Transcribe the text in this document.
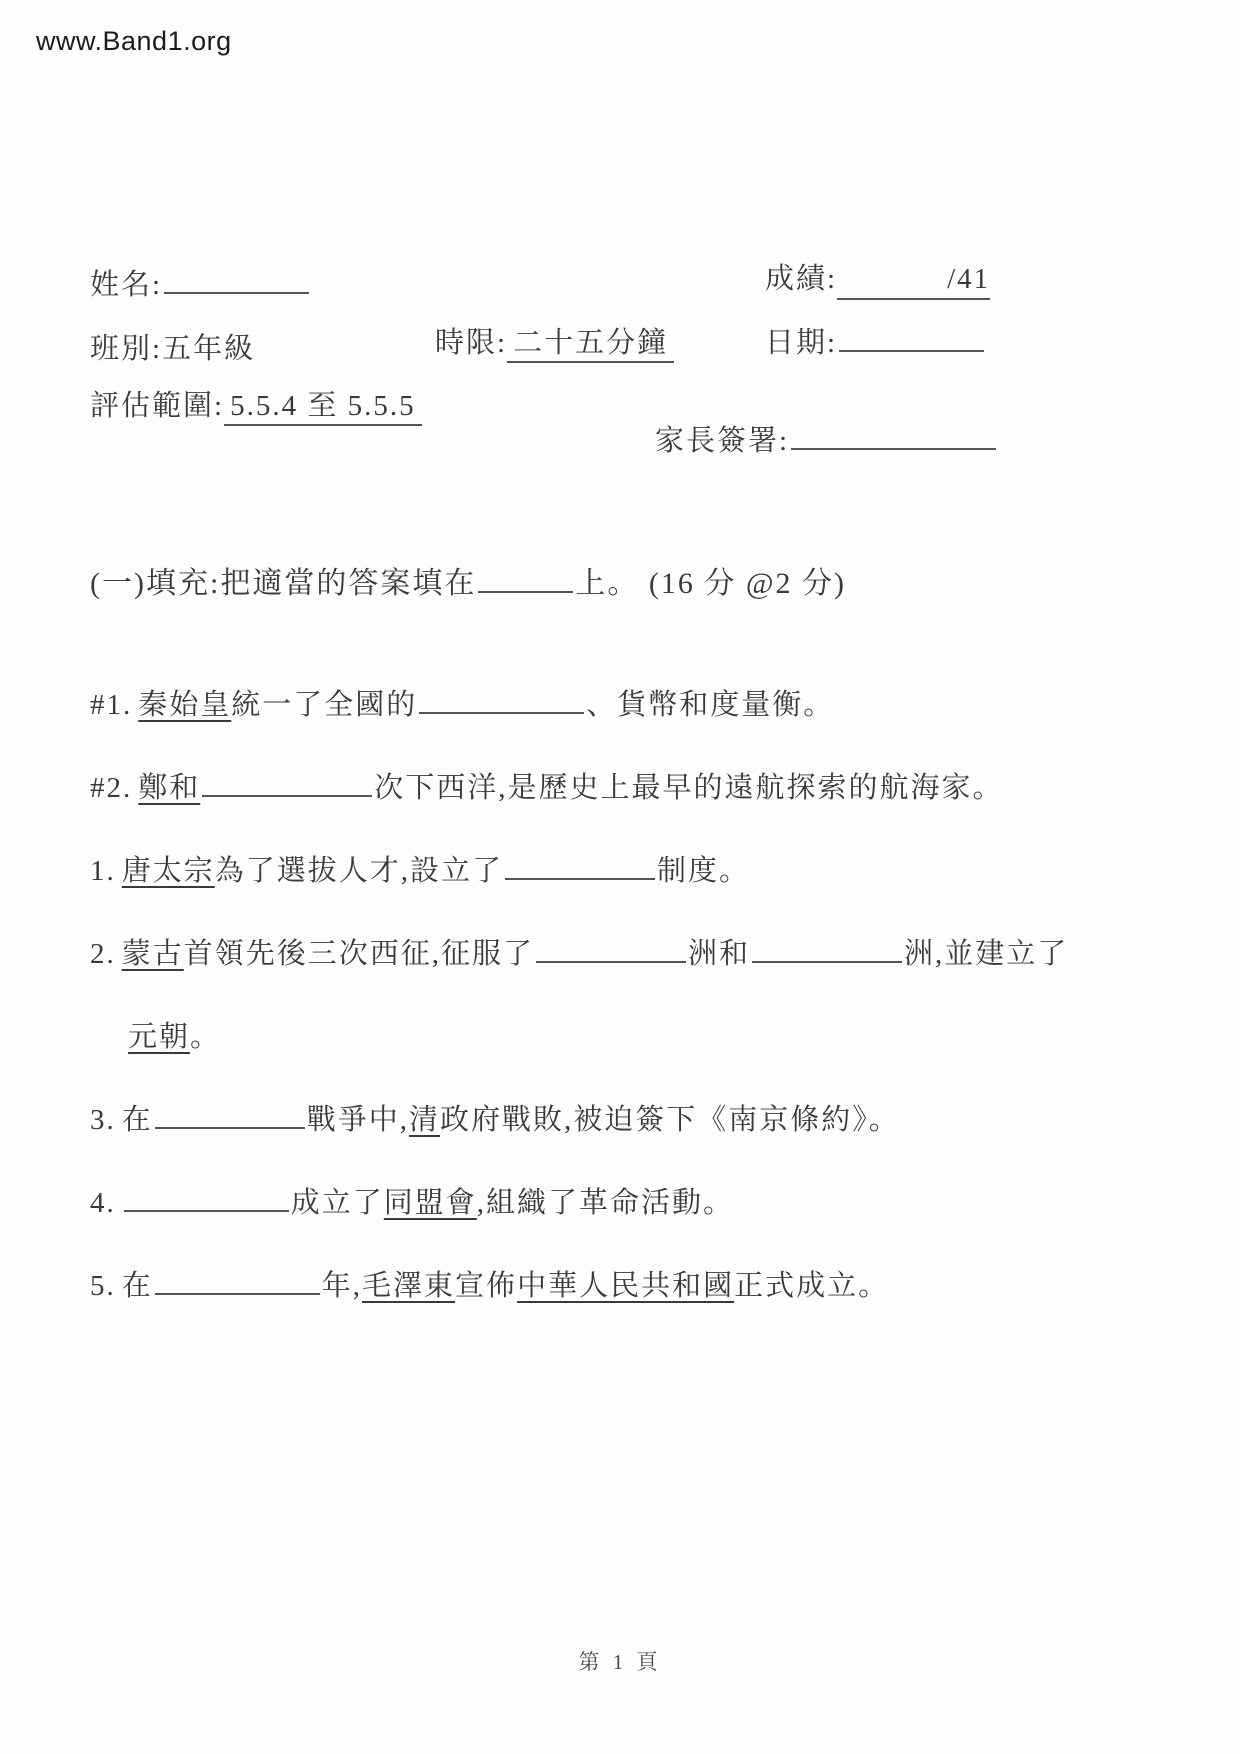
www.Band1.org
姓名:	成績:	/41
班別:五年級	時限: 二十五分鐘	日期:
評估範圍: 5.5.4 至 5.5.5
家長簽署:
(一)填充:把適當的答案填在	上。 (16 分 @2 分)
#1. 秦始皇統一了全國的	、貨幣和度量衡。
#2. 鄭和	次下西洋,是歷史上最早的遠航探索的航海家。
1. 唐太宗為了選拔人才,設立了	制度。
2. 蒙古首領先後三次西征,征服了	洲和	洲,並建立了
元朝。
3. 在	戰爭中,清政府戰敗,被迫簽下《南京條約》。
4.	成立了同盟會,組織了革命活動。
5. 在	年,毛澤東宣佈中華人民共和國正式成立。
第 1 頁
